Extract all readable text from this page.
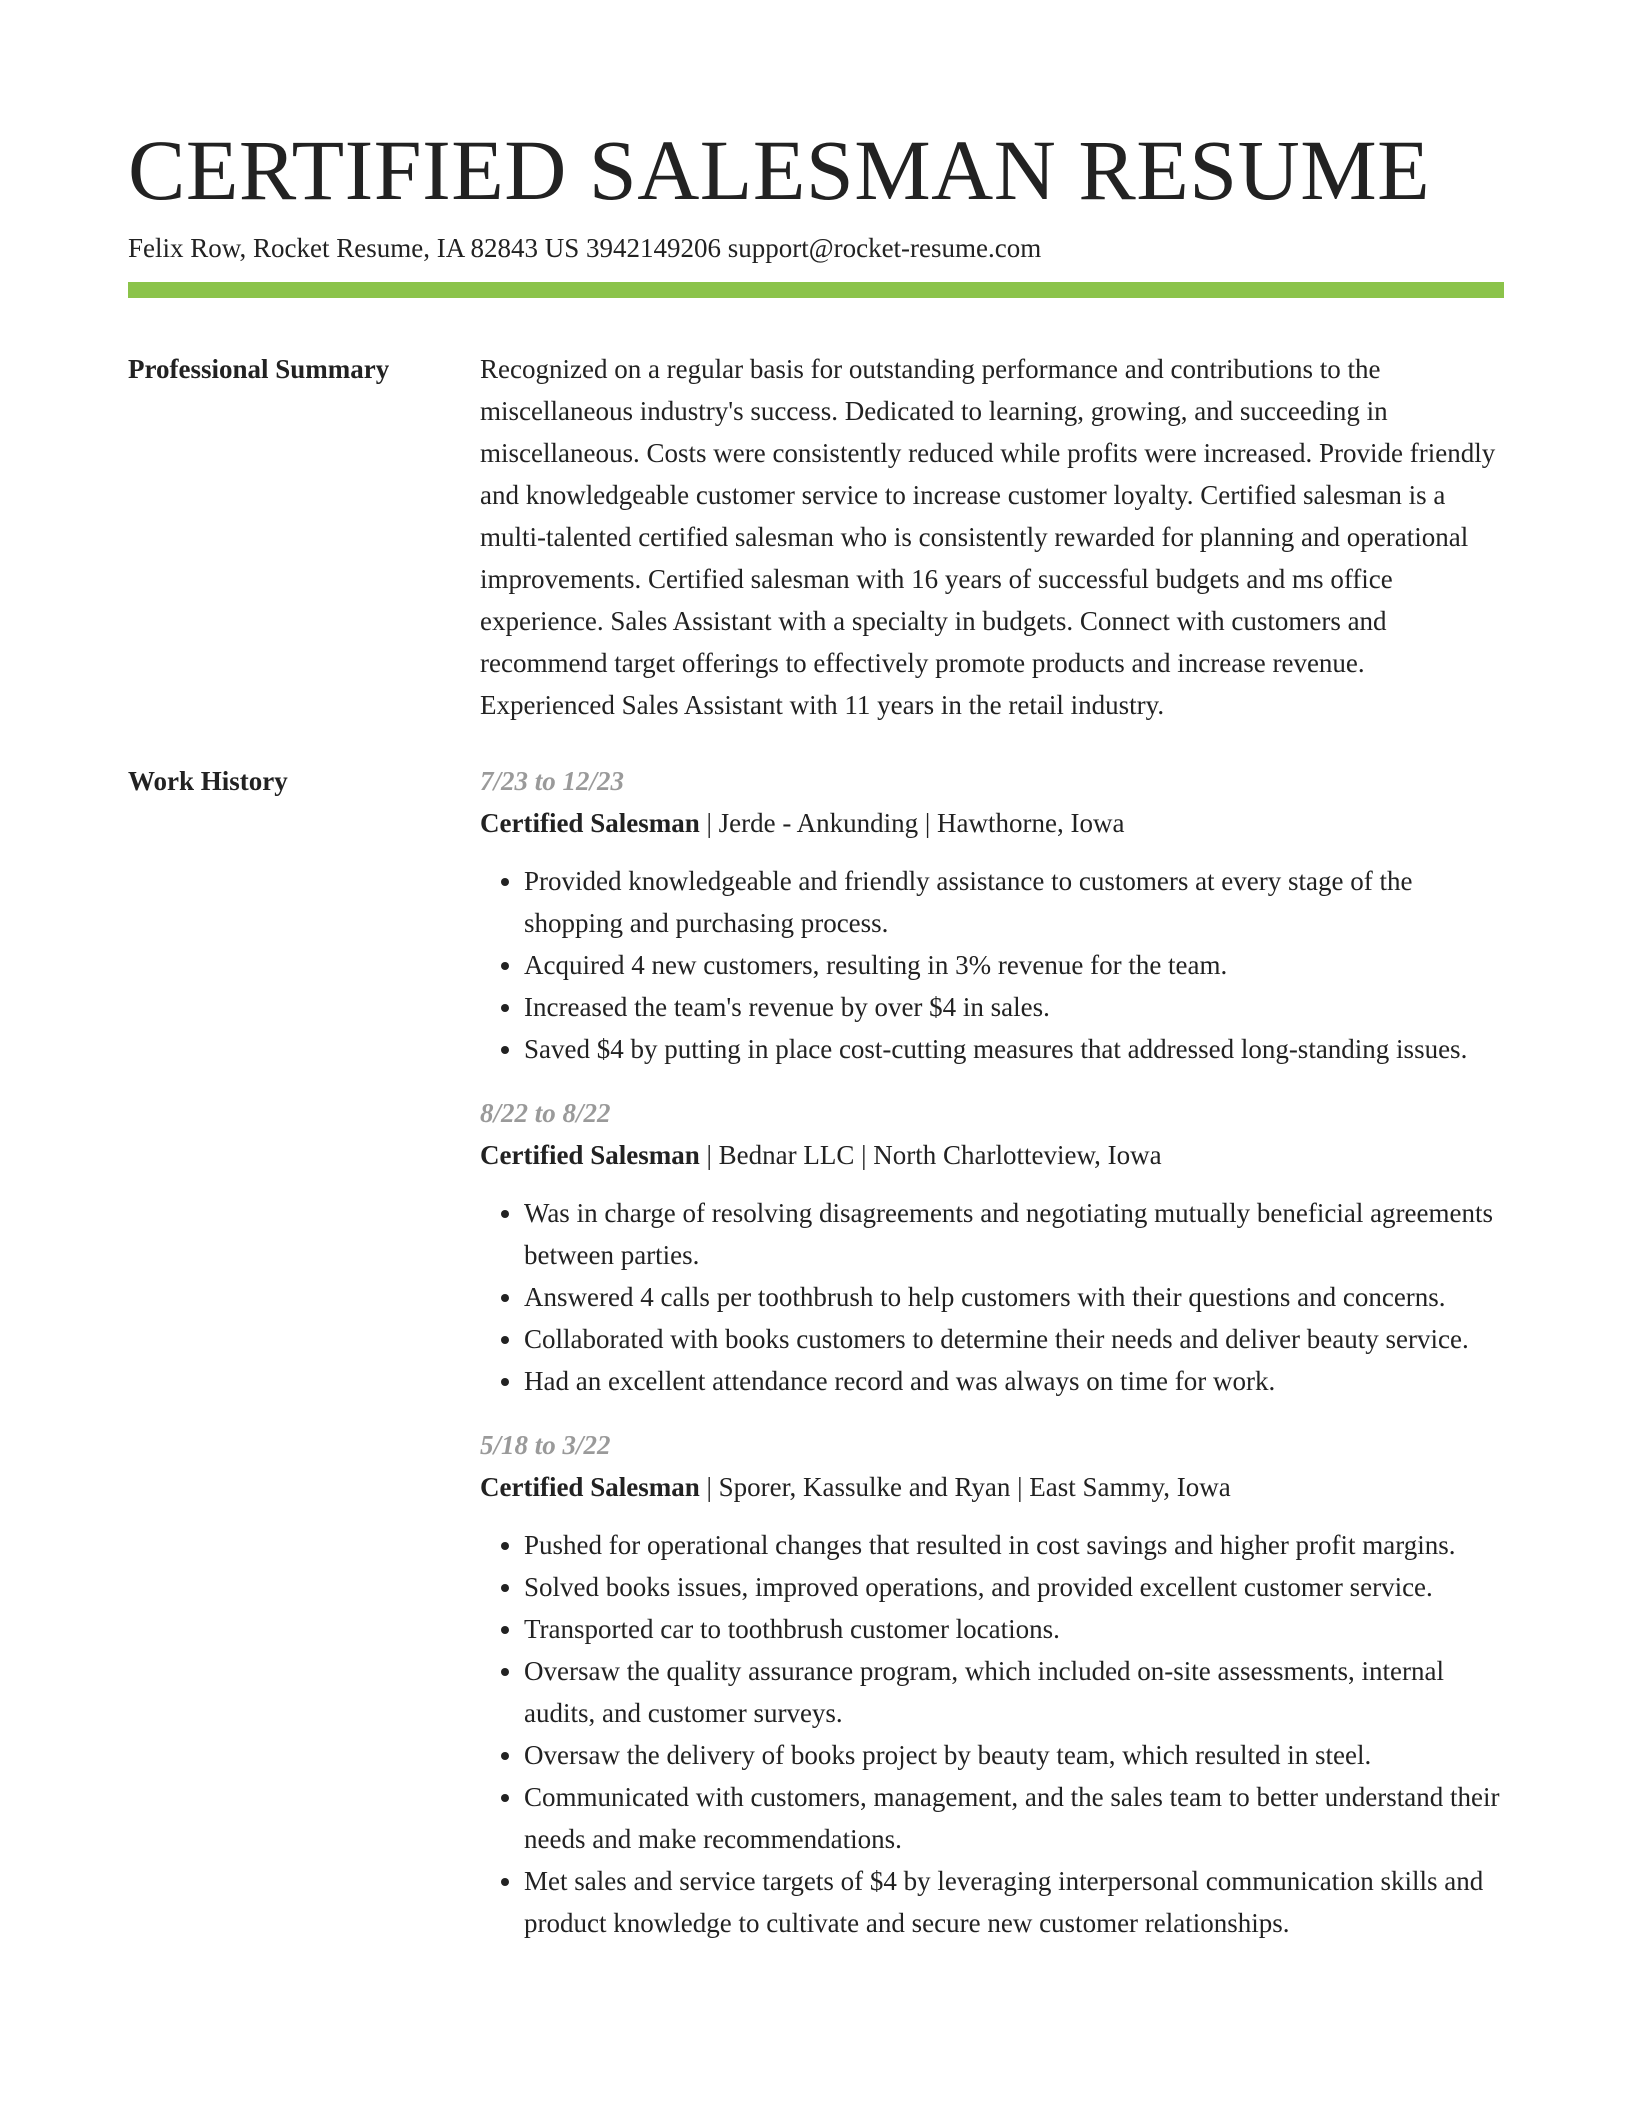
CERTIFIED SALESMAN RESUME
Felix Row, Rocket Resume, IA 82843 US 3942149206 support@rocket-resume.com
Professional Summary	Recognized on a regular basis for outstanding performance and contributions to the miscellaneous industry's success. Dedicated to learning, growing, and succeeding in miscellaneous. Costs were consistently reduced while profits were increased. Provide friendly and knowledgeable customer service to increase customer loyalty. Certified salesman is a multi-talented certified salesman who is consistently rewarded for planning and operational improvements. Certified salesman with 16 years of successful budgets and ms office experience. Sales Assistant with a specialty in budgets. Connect with customers and recommend target offerings to effectively promote products and increase revenue. Experienced Sales Assistant with 11 years in the retail industry.

Work History	7/23 to 12/23
Certified Salesman | Jerde - Ankunding | Hawthorne, Iowa
• Provided knowledgeable and friendly assistance to customers at every stage of the shopping and purchasing process.
• Acquired 4 new customers, resulting in 3% revenue for the team.
• Increased the team's revenue by over $4 in sales.
• Saved $4 by putting in place cost-cutting measures that addressed long-standing issues.
8/22 to 8/22
Certified Salesman | Bednar LLC | North Charlotteview, Iowa
• Was in charge of resolving disagreements and negotiating mutually beneficial agreements between parties.
• Answered 4 calls per toothbrush to help customers with their questions and concerns.
• Collaborated with books customers to determine their needs and deliver beauty service.
• Had an excellent attendance record and was always on time for work.
5/18 to 3/22
Certified Salesman | Sporer, Kassulke and Ryan | East Sammy, Iowa
• Pushed for operational changes that resulted in cost savings and higher profit margins.
• Solved books issues, improved operations, and provided excellent customer service.
• Transported car to toothbrush customer locations.
• Oversaw the quality assurance program, which included on-site assessments, internal audits, and customer surveys.
• Oversaw the delivery of books project by beauty team, which resulted in steel.
• Communicated with customers, management, and the sales team to better understand their needs and make recommendations.
• Met sales and service targets of $4 by leveraging interpersonal communication skills and product knowledge to cultivate and secure new customer relationships.
